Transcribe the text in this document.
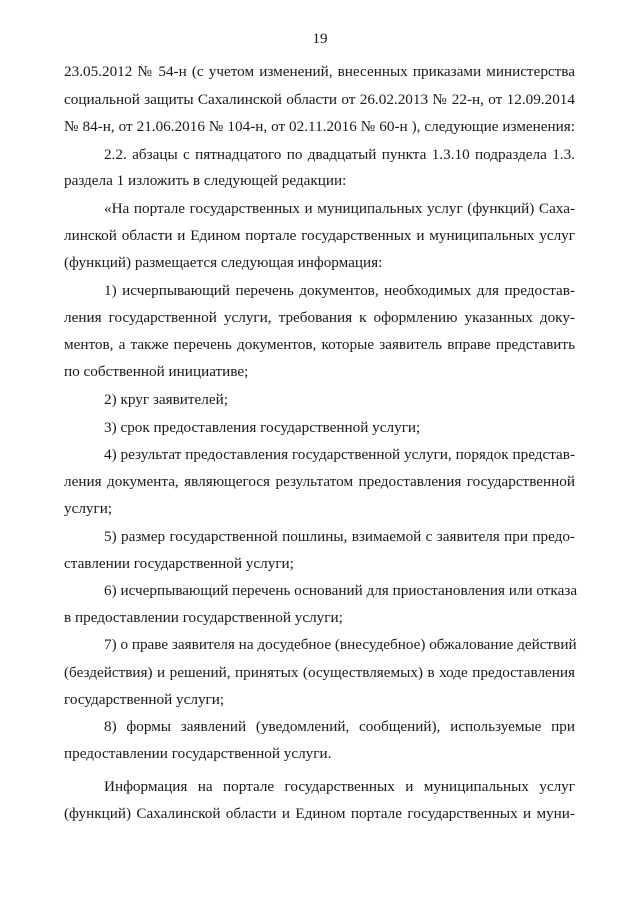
19

23.05.2012 № 54-н (с учетом изменений, внесенных приказами министерства

социальной защиты Сахалинской области от 26.02.2013 № 22-н, от 12.09.2014

№ 84-н, от 21.06.2016 № 104-н, от 02.11.2016 № 60-н ), следующие изменения:

2.2. абзацы с пятнадцатого по двадцатый пункта 1.3.10 подраздела 1.3.

раздела 1 изложить в следующей редакции:

«На портале государственных и муниципальных услуг (функций) Саха-

линской области и Едином портале государственных и муниципальных услуг

(функций) размещается следующая информация:

1) исчерпывающий перечень документов, необходимых для предостав-

ления государственной услуги, требования к оформлению указанных доку-

ментов, а также перечень документов, которые заявитель вправе представить

по собственной инициативе;

2) круг заявителей;

3) срок предоставления государственной услуги;

4) результат предоставления государственной услуги, порядок представ-

ления документа, являющегося результатом предоставления государственной

услуги;

5) размер государственной пошлины, взимаемой с заявителя при предо-

ставлении государственной услуги;

6) исчерпывающий перечень оснований для приостановления или отказа

в предоставлении государственной услуги;

7) о праве заявителя на досудебное (внесудебное) обжалование действий

(бездействия) и решений, принятых (осуществляемых) в ходе предоставления

государственной услуги;

8) формы заявлений (уведомлений, сообщений), используемые при

предоставлении государственной услуги.

Информация на портале государственных и муниципальных услуг

(функций) Сахалинской области и Едином портале государственных и муни-
